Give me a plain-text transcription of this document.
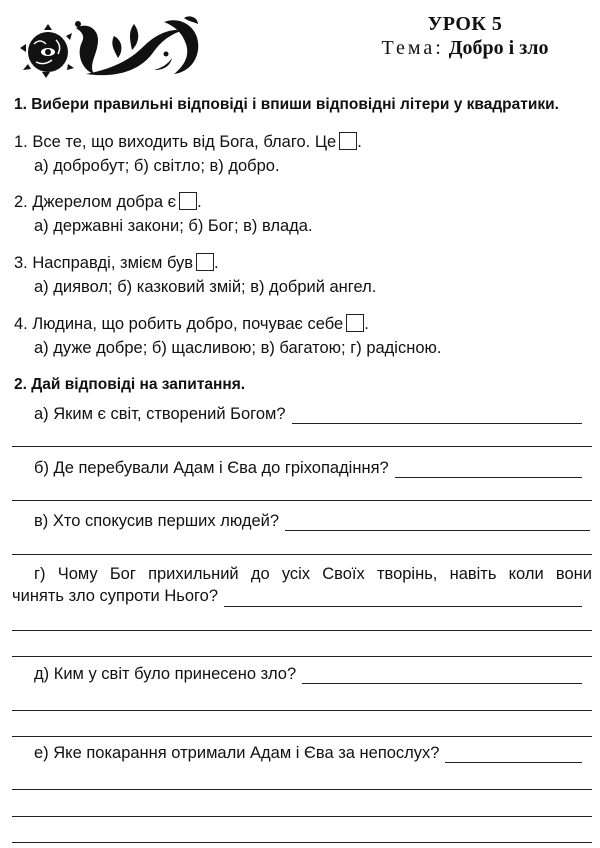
УРОК 5
Тема: Добро і зло
1. Вибери правильні відповіді і впиши відповідні літери у квадратики.
1. Все те, що виходить від Бога, благо. Це .
а) добробут; б) світло; в) добро.
2. Джерелом добра є .
а) державні закони; б) Бог; в) влада.
3. Насправді, змієм був .
а) диявол; б) казковий змій; в) добрий ангел.
4. Людина, що робить добро, почуває себе .
а) дуже добре; б) щасливою; в) багатою; г) радісною.
2. Дай відповіді на запитання.
а) Яким є світ, створений Богом?
б) Де перебували Адам і Єва до гріхопадіння?
в) Хто спокусив перших людей?
г) Чому Бог прихильний до усіх Своїх творінь, навіть коли вони
чинять зло супроти Нього?
д) Ким у світ було принесено зло?
е) Яке покарання отримали Адам і Єва за непослух?
